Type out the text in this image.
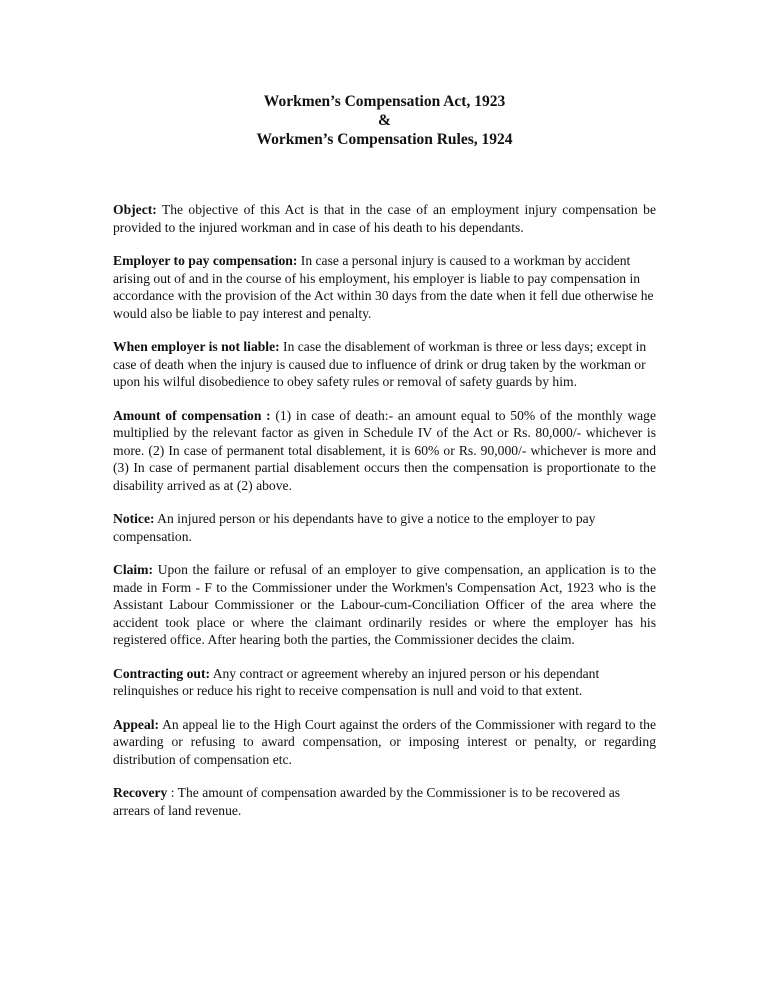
Workmen’s Compensation Act, 1923
&
Workmen’s Compensation Rules, 1924

Object: The objective of this Act is that in the case of an employment injury compensation be provided to the injured workman and in case of his death to his dependants.

Employer to pay compensation: In case a personal injury is caused to a workman by accident arising out of and in the course of his employment, his employer is liable to pay compensation in accordance with the provision of the Act within 30 days from the date when it fell due otherwise he would also be liable to pay interest and penalty.

When employer is not liable: In case the disablement of workman is three or less days; except in case of death when the injury is caused due to influence of drink or drug taken by the workman or upon his wilful disobedience to obey safety rules or removal of safety guards by him.

Amount of compensation : (1) in case of death:- an amount equal to 50% of the monthly wage multiplied by the relevant factor as given in Schedule IV of the Act or Rs. 80,000/- whichever is more. (2) In case of permanent total disablement, it is 60% or Rs. 90,000/- whichever is more and (3) In case of permanent partial disablement occurs then the compensation is proportionate to the disability arrived as at (2) above.

Notice: An injured person or his dependants have to give a notice to the employer to pay compensation.

Claim: Upon the failure or refusal of an employer to give compensation, an application is to the made in Form - F to the Commissioner under the Workmen's Compensation Act, 1923 who is the Assistant Labour Commissioner or the Labour-cum-Conciliation Officer of the area where the accident took place or where the claimant ordinarily resides or where the employer has his registered office. After hearing both the parties, the Commissioner decides the claim.

Contracting out: Any contract or agreement whereby an injured person or his dependant relinquishes or reduce his right to receive compensation is null and void to that extent.

Appeal: An appeal lie to the High Court against the orders of the Commissioner with regard to the awarding or refusing to award compensation, or imposing interest or penalty, or regarding distribution of compensation etc.

Recovery : The amount of compensation awarded by the Commissioner is to be recovered as arrears of land revenue.
